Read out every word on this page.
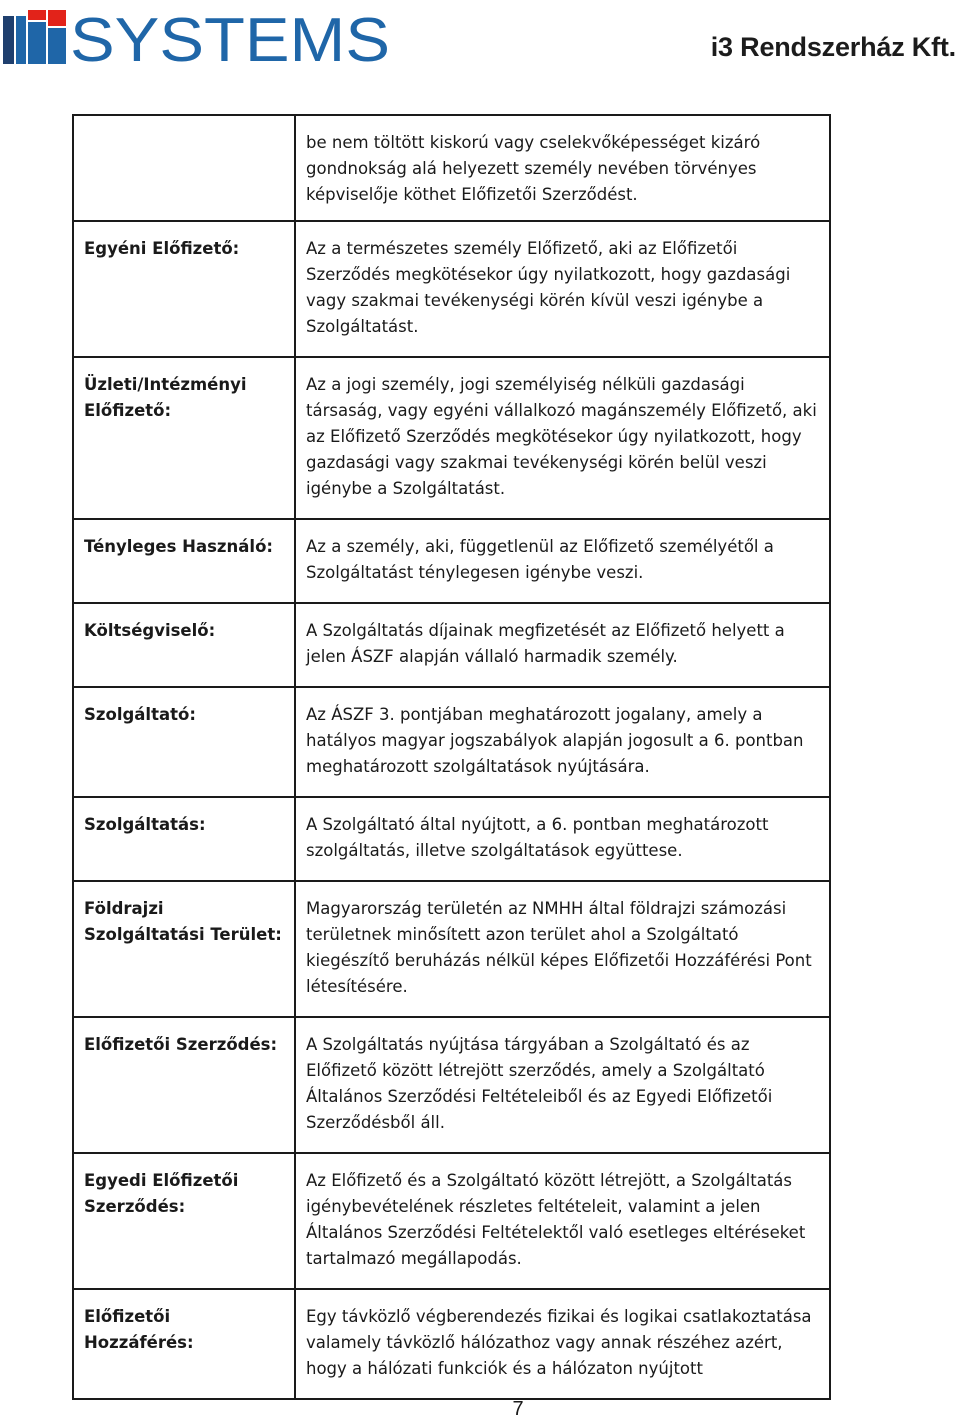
SYSTEMS	i3 Rendszerház Kft.
	be nem töltött kiskorú vagy cselekvőképességet kizáró gondnokság alá helyezett személy nevében törvényes képviselője köthet Előfizetői Szerződést.
Egyéni Előfizető:	Az a természetes személy Előfizető, aki az Előfizetői Szerződés megkötésekor úgy nyilatkozott, hogy gazdasági vagy szakmai tevékenységi körén kívül veszi igénybe a Szolgáltatást.
Üzleti/Intézményi Előfizető:	Az a jogi személy, jogi személyiség nélküli gazdasági társaság, vagy egyéni vállalkozó magánszemély Előfizető, aki az Előfizető Szerződés megkötésekor úgy nyilatkozott, hogy gazdasági vagy szakmai tevékenységi körén belül veszi igénybe a Szolgáltatást.
Tényleges Használó:	Az a személy, aki, függetlenül az Előfizető személyétől a Szolgáltatást ténylegesen igénybe veszi.
Költségviselő:	A Szolgáltatás díjainak megfizetését az Előfizető helyett a jelen ÁSZF alapján vállaló harmadik személy.
Szolgáltató:	Az ÁSZF 3. pontjában meghatározott jogalany, amely a hatályos magyar jogszabályok alapján jogosult a 6. pontban meghatározott szolgáltatások nyújtására.
Szolgáltatás:	A Szolgáltató által nyújtott, a 6. pontban meghatározott szolgáltatás, illetve szolgáltatások együttese.
Földrajzi Szolgáltatási Terület:	Magyarország területén az NMHH által földrajzi számozási területnek minősített azon terület ahol a Szolgáltató kiegészítő beruházás nélkül képes Előfizetői Hozzáférési Pont létesítésére.
Előfizetői Szerződés:	A Szolgáltatás nyújtása tárgyában a Szolgáltató és az Előfizető között létrejött szerződés, amely a Szolgáltató Általános Szerződési Feltételeiből és az Egyedi Előfizetői Szerződésből áll.
Egyedi Előfizetői Szerződés:	Az Előfizető és a Szolgáltató között létrejött, a Szolgáltatás igénybevételének részletes feltételeit, valamint a jelen Általános Szerződési Feltételektől való esetleges eltéréseket tartalmazó megállapodás.
Előfizetői Hozzáférés:	Egy távközlő végberendezés fizikai és logikai csatlakoztatása valamely távközlő hálózathoz vagy annak részéhez azért, hogy a hálózati funkciók és a hálózaton nyújtott
7
